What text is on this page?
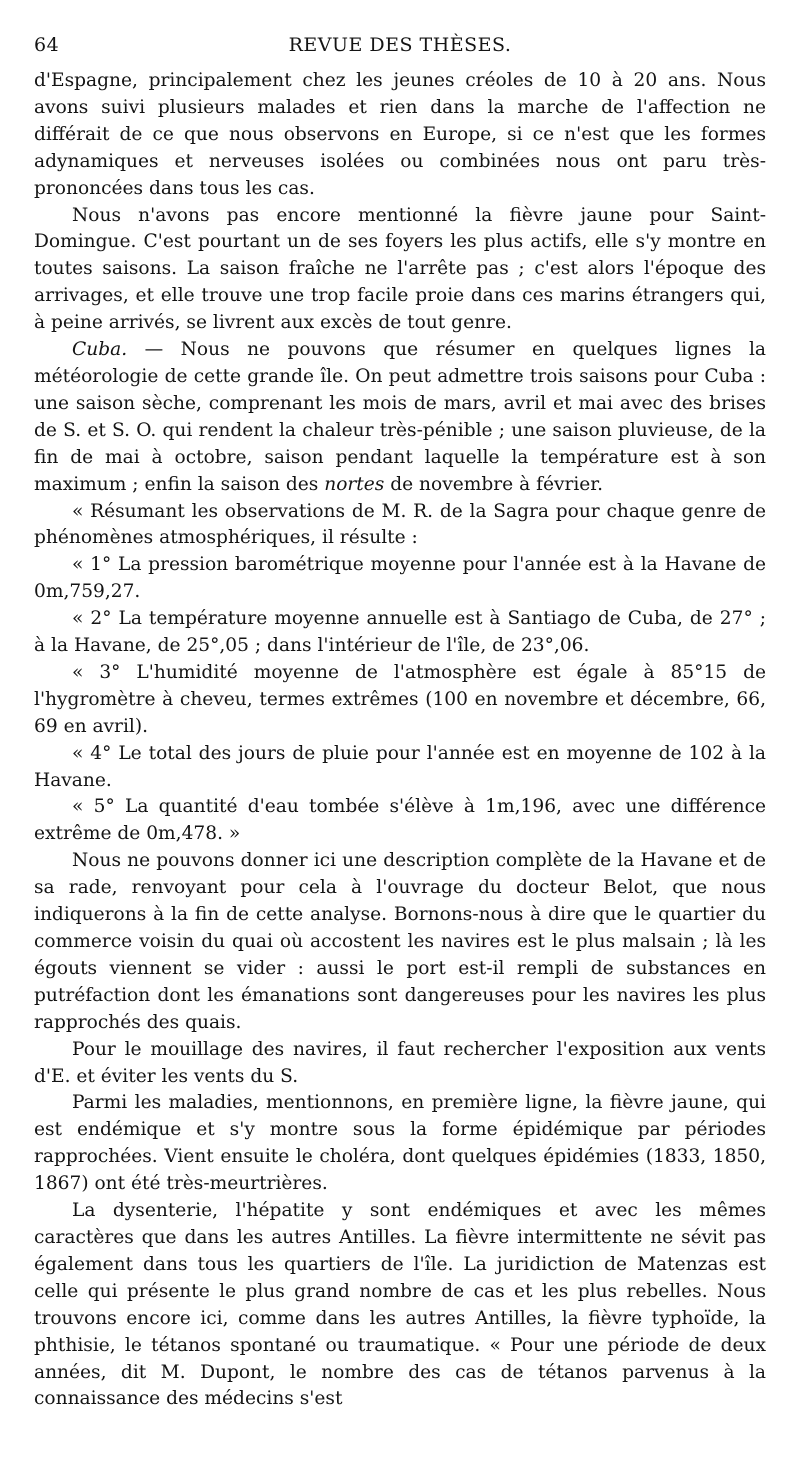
64	REVUE DES THÈSES.

d'Espagne, principalement chez les jeunes créoles de 10 à 20 ans. Nous avons suivi plusieurs malades et rien dans la marche de l'affection ne différait de ce que nous observons en Europe, si ce n'est que les formes adynamiques et nerveuses isolées ou combinées nous ont paru très-prononcées dans tous les cas.

Nous n'avons pas encore mentionné la fièvre jaune pour Saint-Domingue. C'est pourtant un de ses foyers les plus actifs, elle s'y montre en toutes saisons. La saison fraîche ne l'arrête pas ; c'est alors l'époque des arrivages, et elle trouve une trop facile proie dans ces marins étrangers qui, à peine arrivés, se livrent aux excès de tout genre.

Cuba. — Nous ne pouvons que résumer en quelques lignes la météorologie de cette grande île. On peut admettre trois saisons pour Cuba : une saison sèche, comprenant les mois de mars, avril et mai avec des brises de S. et S. O. qui rendent la chaleur très-pénible ; une saison pluvieuse, de la fin de mai à octobre, saison pendant laquelle la température est à son maximum ; enfin la saison des nortes de novembre à février.

« Résumant les observations de M. R. de la Sagra pour chaque genre de phénomènes atmosphériques, il résulte :

« 1° La pression barométrique moyenne pour l'année est à la Havane de 0m,759,27.

« 2° La température moyenne annuelle est à Santiago de Cuba, de 27° ; à la Havane, de 25°,05 ; dans l'intérieur de l'île, de 23°,06.

« 3° L'humidité moyenne de l'atmosphère est égale à 85°15 de l'hygromètre à cheveu, termes extrêmes (100 en novembre et décembre, 66, 69 en avril).

« 4° Le total des jours de pluie pour l'année est en moyenne de 102 à la Havane.

« 5° La quantité d'eau tombée s'élève à 1m,196, avec une différence extrême de 0m,478. »

Nous ne pouvons donner ici une description complète de la Havane et de sa rade, renvoyant pour cela à l'ouvrage du docteur Belot, que nous indiquerons à la fin de cette analyse. Bornons-nous à dire que le quartier du commerce voisin du quai où accostent les navires est le plus malsain ; là les égouts viennent se vider : aussi le port est-il rempli de substances en putréfaction dont les émanations sont dangereuses pour les navires les plus rapprochés des quais.

Pour le mouillage des navires, il faut rechercher l'exposition aux vents d'E. et éviter les vents du S.

Parmi les maladies, mentionnons, en première ligne, la fièvre jaune, qui est endémique et s'y montre sous la forme épidémique par périodes rapprochées. Vient ensuite le choléra, dont quelques épidémies (1833, 1850, 1867) ont été très-meurtrières.

La dysenterie, l'hépatite y sont endémiques et avec les mêmes caractères que dans les autres Antilles. La fièvre intermittente ne sévit pas également dans tous les quartiers de l'île. La juridiction de Matenzas est celle qui présente le plus grand nombre de cas et les plus rebelles. Nous trouvons encore ici, comme dans les autres Antilles, la fièvre typhoïde, la phthisie, le tétanos spontané ou traumatique. « Pour une période de deux années, dit M. Dupont, le nombre des cas de tétanos parvenus à la connaissance des médecins s'est
